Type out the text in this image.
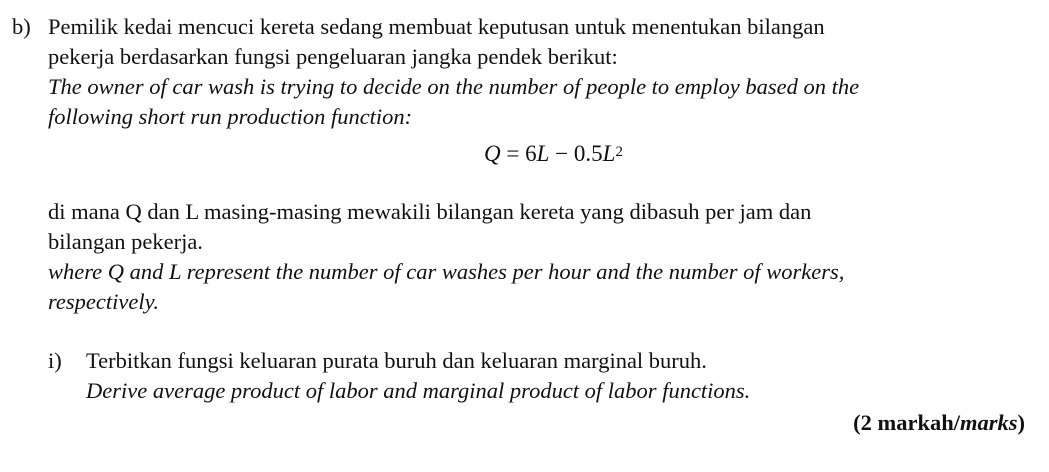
b) Pemilik kedai mencuci kereta sedang membuat keputusan untuk menentukan bilangan
pekerja berdasarkan fungsi pengeluaran jangka pendek berikut:
The owner of car wash is trying to decide on the number of people to employ based on the
following short run production function:
$Q = 6L - 0.5L^2$
di mana Q dan L masing-masing mewakili bilangan kereta yang dibasuh per jam dan
bilangan pekerja.
where Q and L represent the number of car washes per hour and the number of workers,
respectively.
i) Terbitkan fungsi keluaran purata buruh dan keluaran marginal buruh.
Derive average product of labor and marginal product of labor functions.
(2 markah/marks)
